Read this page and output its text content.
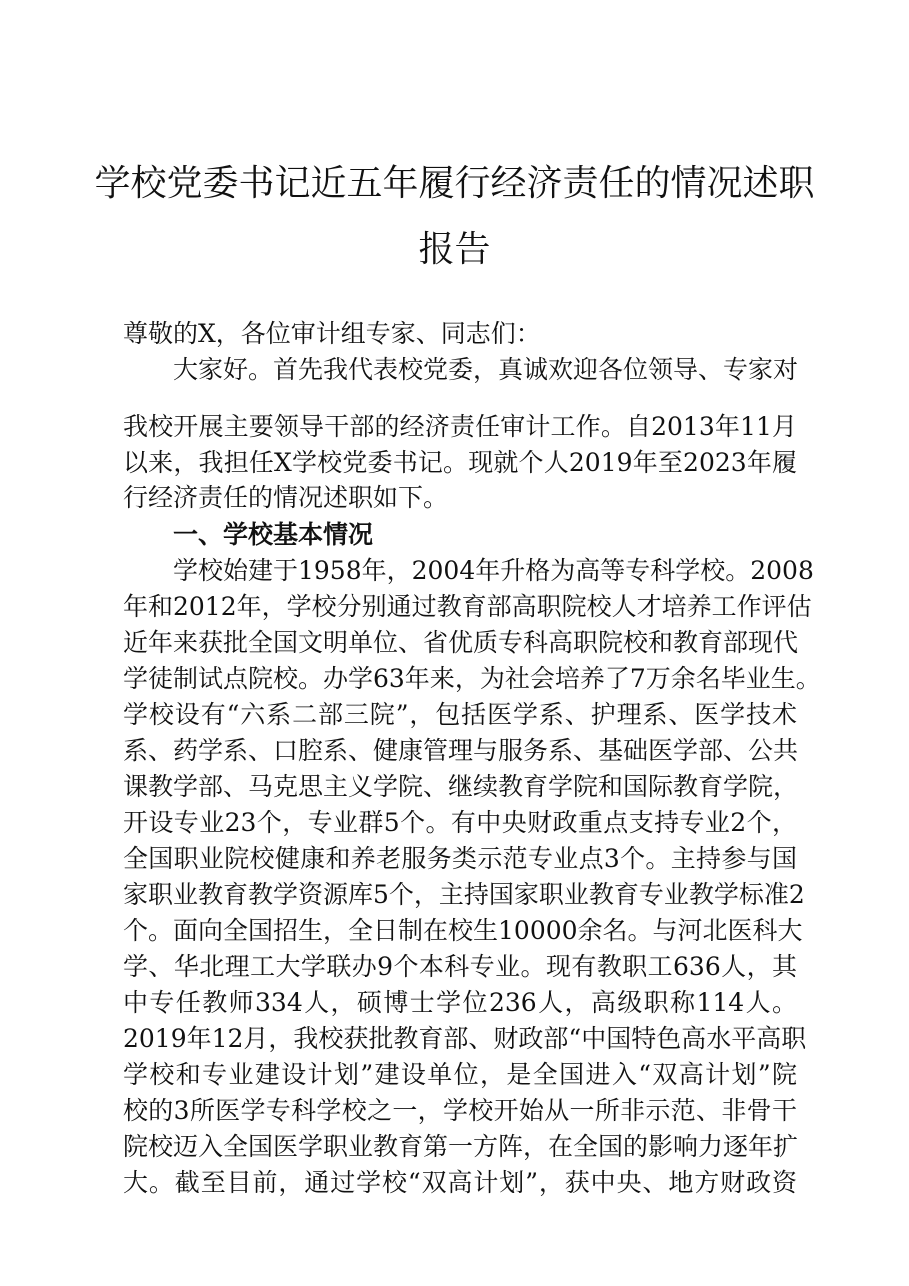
学校党委书记近五年履行经济责任的情况述职
报告
尊敬的X，各位审计组专家、同志们：
大家好。首先我代表校党委，真诚欢迎各位领导、专家对
我校开展主要领导干部的经济责任审计工作。自2013年11月
以来，我担任X学校党委书记。现就个人2019年至2023年履
行经济责任的情况述职如下。
一、学校基本情况
学校始建于1958年，2004年升格为高等专科学校。2008
年和2012年，学校分别通过教育部高职院校人才培养工作评估
近年来获批全国文明单位、省优质专科高职院校和教育部现代
学徒制试点院校。办学63年来，为社会培养了7万余名毕业生。
学校设有“六系二部三院”，包括医学系、护理系、医学技术
系、药学系、口腔系、健康管理与服务系、基础医学部、公共
课教学部、马克思主义学院、继续教育学院和国际教育学院，
开设专业23个，专业群5个。有中央财政重点支持专业2个，
全国职业院校健康和养老服务类示范专业点3个。主持参与国
家职业教育教学资源库5个，主持国家职业教育专业教学标准2
个。面向全国招生，全日制在校生10000余名。与河北医科大
学、华北理工大学联办9个本科专业。现有教职工636人，其
中专任教师334人，硕博士学位236人，高级职称114人。
2019年12月，我校获批教育部、财政部“中国特色高水平高职
学校和专业建设计划”建设单位，是全国进入“双高计划”院
校的3所医学专科学校之一，学校开始从一所非示范、非骨干
院校迈入全国医学职业教育第一方阵，在全国的影响力逐年扩
大。截至目前，通过学校“双高计划”，获中央、地方财政资
